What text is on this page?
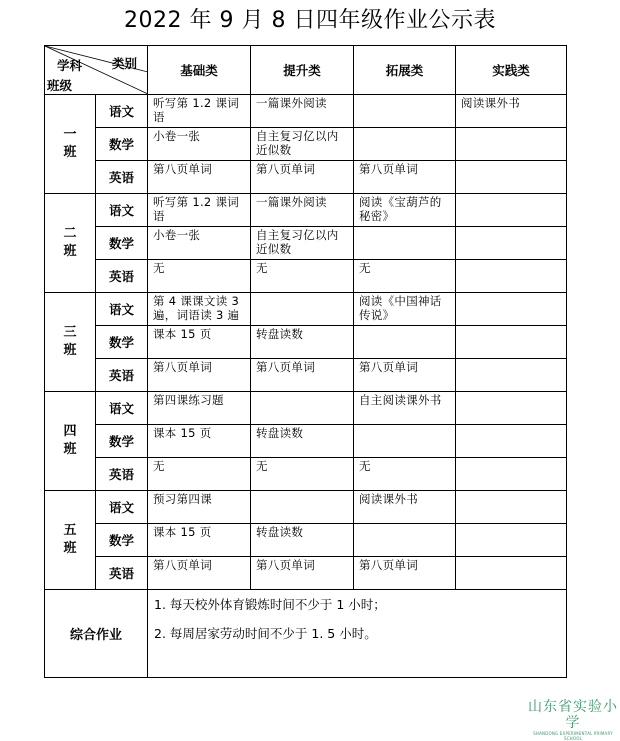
2022 年 9 月 8 日四年级作业公示表
类别
学科
班级		基础类	提升类	拓展类	实践类
一
班	语文	听写第 1.2 课词语	一篇课外阅读		阅读课外书
	数学	小卷一张	自主复习亿以内近似数		
	英语	第八页单词	第八页单词	第八页单词	
二
班	语文	听写第 1.2 课词语	一篇课外阅读	阅读《宝葫芦的秘密》	
	数学	小卷一张	自主复习亿以内近似数		
	英语	无	无	无	
三
班	语文	第 4 课课文读 3 遍，词语读 3 遍		阅读《中国神话传说》	
	数学	课本 15 页	转盘读数		
	英语	第八页单词	第八页单词	第八页单词	
四
班	语文	第四课练习题		自主阅读课外书	
	数学	课本 15 页	转盘读数		
	英语	无	无	无	
五
班	语文	预习第四课		阅读课外书	
	数学	课本 15 页	转盘读数		
	英语	第八页单词	第八页单词	第八页单词	
综合作业		1. 每天校外体育锻炼时间不少于 1 小时；

2. 每周居家劳动时间不少于 1. 5 小时。			

山东省实验小学
SHANDONG EXPERIMENTAL PRIMARY SCHOOL
